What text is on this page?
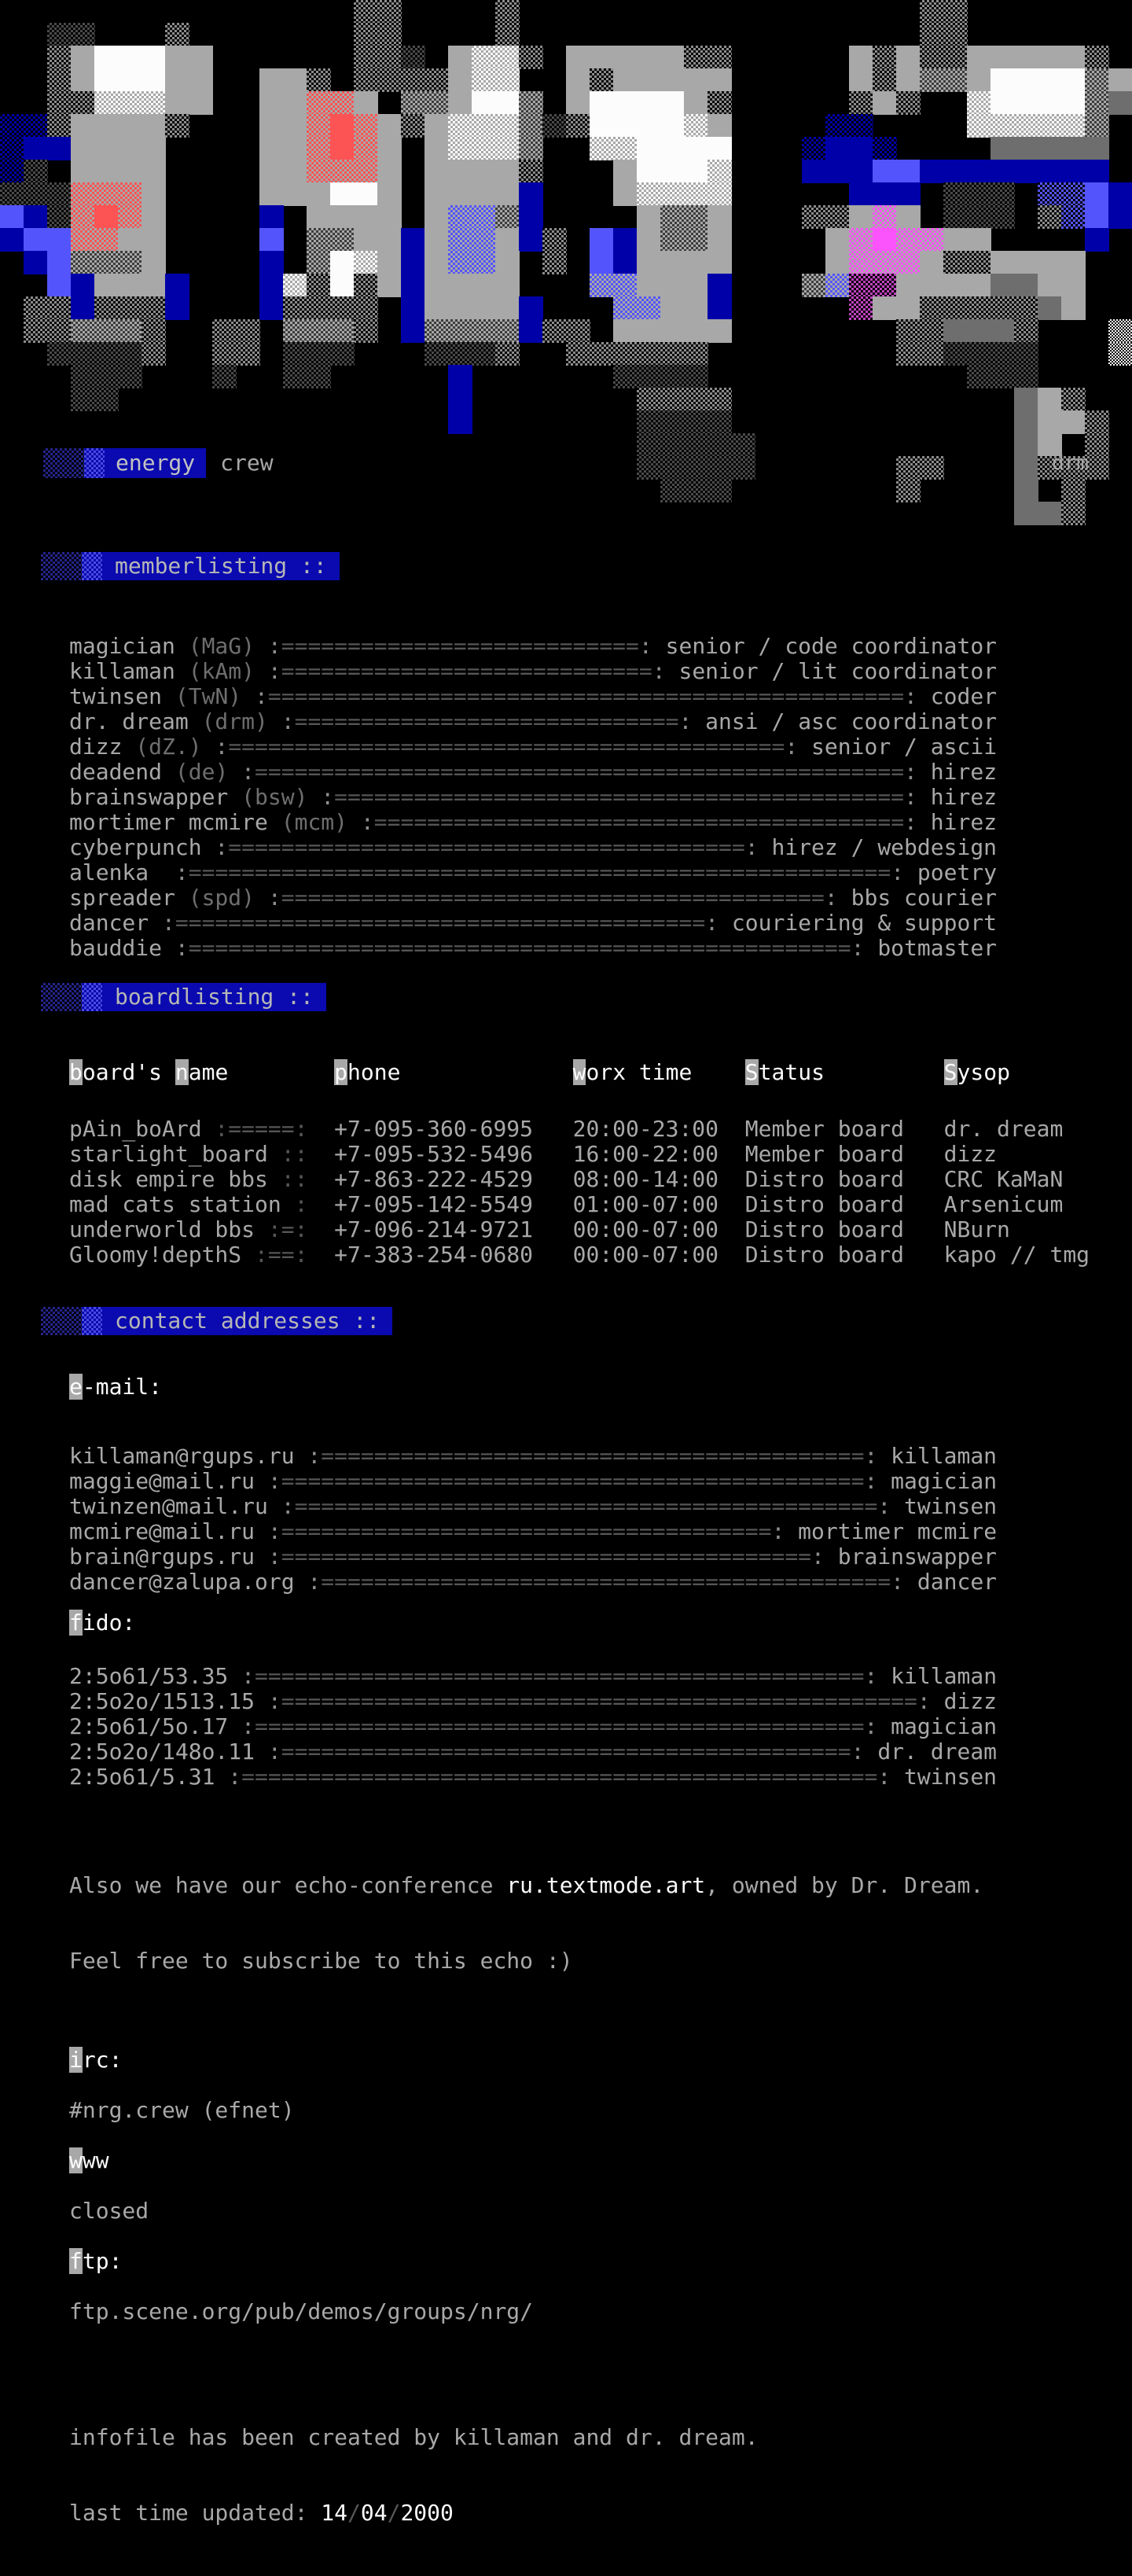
energy	crew	drm
memberlisting ::
magician (MaG) :===========================: senior / code coordinator
killaman (kAm) :============================: senior / lit coordinator
twinsen (TwN) :================================================: coder
dr. dream (drm) :=============================: ansi / asc coordinator
dizz (dZ.) :==========================================: senior / ascii
deadend (de) :=================================================: hirez
brainswapper (bsw) :===========================================: hirez
mortimer mcmire (mcm) :========================================: hirez
cyberpunch :=======================================: hirez / webdesign
alenka  :=====================================================: poetry
spreader (spd) :=========================================: bbs courier
dancer :========================================: couriering & support
bauddie :==================================================: botmaster
boardlisting ::
board's name	phone	worx time Status	Sysop
pAin_boArd :=====:  +7-095-360-6995   20:00-23:00  Member board   dr. dream
starlight_board ::  +7-095-532-5496   16:00-22:00  Member board   dizz
disk empire bbs ::  +7-863-222-4529   08:00-14:00  Distro board   CRC KaMaN
mad cats station :  +7-095-142-5549   01:00-07:00  Distro board   Arsenicum
underworld bbs :=:  +7-096-214-9721   00:00-07:00  Distro board   NBurn
Gloomy!depthS :==:  +7-383-254-0680   00:00-07:00  Distro board   kapo // tmg
contact addresses ::
e-mail:
killaman@rgups.ru :=========================================: killaman
maggie@mail.ru :============================================: magician
twinzen@mail.ru :============================================: twinsen
mcmire@mail.ru :=====================================: mortimer mcmire
brain@rgups.ru :========================================: brainswapper
dancer@zalupa.org :===========================================: dancer
fido:
2:5o61/53.35 :==============================================: killaman
2:5o2o/1513.15 :================================================: dizz
2:5o61/5o.17 :==============================================: magician
2:5o2o/148o.11 :===========================================: dr. dream
2:5o61/5.31 :================================================: twinsen

Also we have our echo-conference ru.textmode.art, owned by Dr. Dream.

Feel free to subscribe to this echo :)

irc:
#nrg.crew (efnet)
www
closed
ftp:
ftp.scene.org/pub/demos/groups/nrg/

infofile has been created by killaman and dr. dream.

last time updated: 14/04/2000
